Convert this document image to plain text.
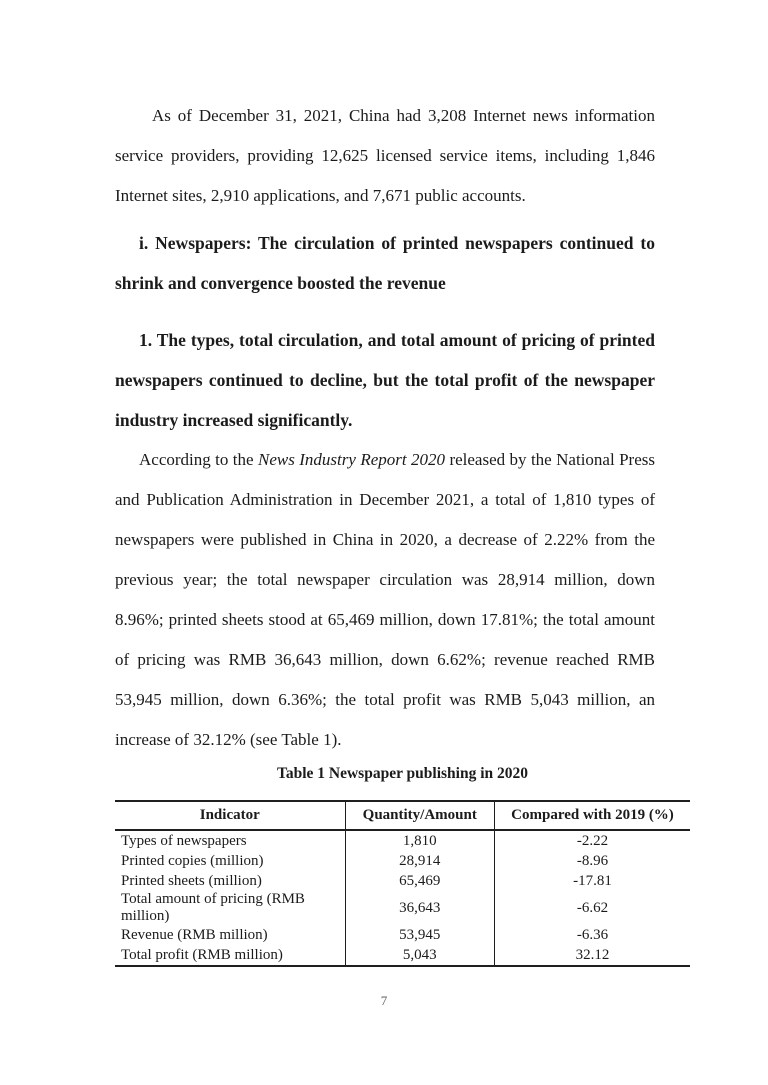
As of December 31, 2021, China had 3,208 Internet news information service providers, providing 12,625 licensed service items, including 1,846 Internet sites, 2,910 applications, and 7,671 public accounts.

i. Newspapers: The circulation of printed newspapers continued to shrink and convergence boosted the revenue
1. The types, total circulation, and total amount of pricing of printed newspapers continued to decline, but the total profit of the newspaper industry increased significantly.

According to the News Industry Report 2020 released by the National Press and Publication Administration in December 2021, a total of 1,810 types of newspapers were published in China in 2020, a decrease of 2.22% from the previous year; the total newspaper circulation was 28,914 million, down 8.96%; printed sheets stood at 65,469 million, down 17.81%; the total amount of pricing was RMB 36,643 million, down 6.62%; revenue reached RMB 53,945 million, down 6.36%; the total profit was RMB 5,043 million, an increase of 32.12% (see Table 1).

Table 1 Newspaper publishing in 2020

Indicator	Quantity/Amount	Compared with 2019 (%)
Types of newspapers	1,810	-2.22
Printed copies (million)	28,914	-8.96
Printed sheets (million)	65,469	-17.81
Total amount of pricing (RMB million)	36,643	-6.62
Revenue (RMB million)	53,945	-6.36
Total profit (RMB million)	5,043	32.12
7
